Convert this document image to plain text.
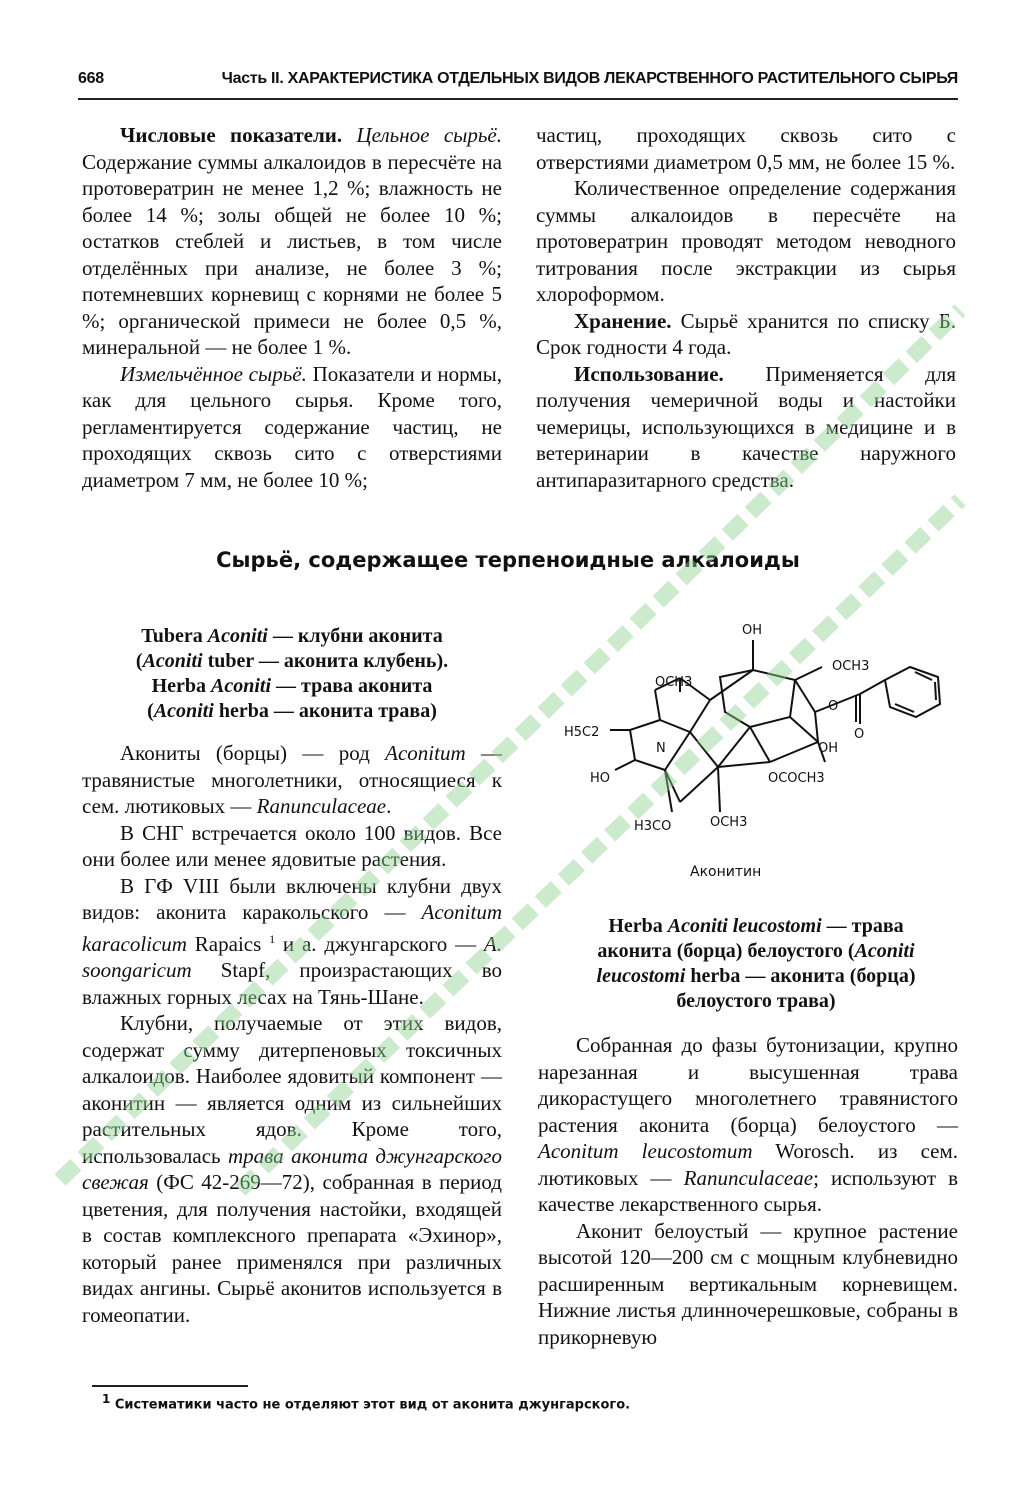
668	Часть II. ХАРАКТЕРИСТИКА ОТДЕЛЬНЫХ ВИДОВ ЛЕКАРСТВЕННОГО РАСТИТЕЛЬНОГО СЫРЬЯ

Числовые показатели. Цельное сырьё. Содержание суммы алкалоидов в пересчёте на протовератрин не менее 1,2 %; влажность не более 14 %; золы общей не более 10 %; остатков стеблей и листьев, в том числе отделённых при анализе, не более 3 %; потемневших корневищ с корнями не более 5 %; органической примеси не более 0,5 %, минеральной — не более 1 %.

Измельчённое сырьё. Показатели и нормы, как для цельного сырья. Кроме того, регламентируется содержание частиц, не проходящих сквозь сито с отверстиями диаметром 7 мм, не более 10 %;

частиц, проходящих сквозь сито с отверстиями диаметром 0,5 мм, не более 15 %.

Количественное определение содержания суммы алкалоидов в пересчёте на протовератрин проводят методом неводного титрования после экстракции из сырья хлороформом.

Хранение. Сырьё хранится по списку Б. Срок годности 4 года.

Использование. Применяется для получения чемеричной воды и настойки чемерицы, использующихся в медицине и в ветеринарии в качестве наружного антипаразитарного средства.

Сырьё, содержащее терпеноидные алкалоиды
Tubera Aconiti — клубни аконита
(Aconiti tuber — аконита клубень).
Herba Aconiti — трава аконита
(Aconiti herba — аконита трава)

Акониты (борцы) — род Aconitum — травянистые многолетники, относящиеся к сем. лютиковых — Ranunculaceae.

В СНГ встречается около 100 видов. Все они более или менее ядовитые растения.

В ГФ VIII были включены клубни двух видов: аконита каракольского — Aconitum karacolicum Rapaics $^1$ и а. джунгарского — A. soongaricum Stapf, произрастающих во влажных горных лесах на Тянь-Шане.

Клубни, получаемые от этих видов, содержат сумму дитерпеновых токсичных алкалоидов. Наиболее ядовитый компонент — аконитин — является одним из сильнейших растительных ядов. Кроме того, использовалась трава аконита джунгарского свежая (ФС 42-269—72), собранная в период цветения, для получения настойки, входящей в состав комплексного препарата «Эхинор», который ранее применялся при различных видах ангины. Сырьё аконитов используется в гомеопатии.

OH
OCH3
OCH3
O
H5C2
N	OH
O
HO	OCOCH3
H3CO	OCH3
Аконитин
Herba Aconiti leucostomi — трава
аконита (борца) белоустого (Aconiti
leucostomi herba — аконита (борца)
белоустого трава)

Собранная до фазы бутонизации, крупно нарезанная и высушенная трава дикорастущего многолетнего травянистого растения аконита (борца) белоустого — Aconitum leucostomum Worosch. из сем. лютиковых — Ranunculaceae; используют в качестве лекарственного сырья.

Аконит белоустый — крупное растение высотой 120—200 см с мощным клубневидно расширенным вертикальным корневищем. Нижние листья длинночерешковые, собраны в прикорневую

$^1$ Систематики часто не отделяют этот вид от аконита джунгарского.
